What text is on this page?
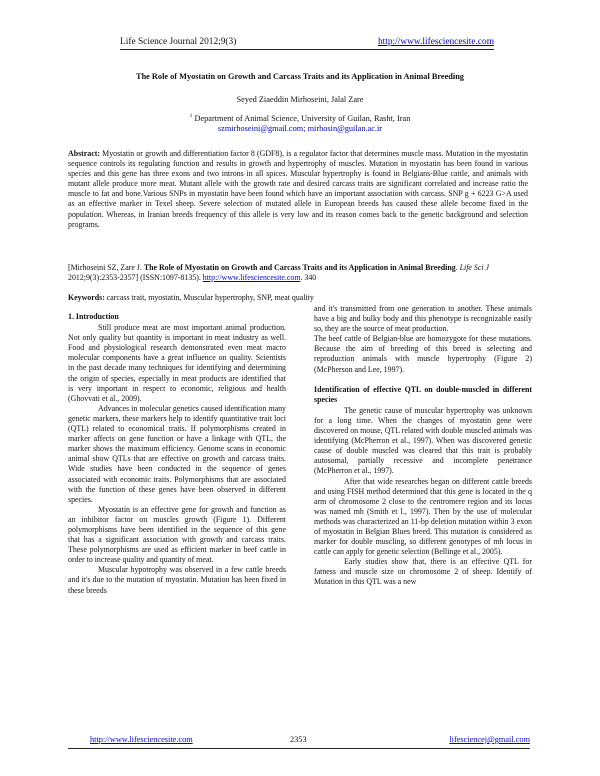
Life Science Journal 2012;9(3)	http://www.lifesciencesite.com
The Role of Myostatin on Growth and Carcass Traits and its Application in Animal Breeding
Seyed Ziaeddin Mirhoseini, Jalal Zare
$^1$ Department of Animal Science, University of Guilan, Rasht, Iran
szmirhoseini@gmail.com; mirhosin@guilan.ac.ir
Abstract: Myostatin or growth and differentiation factor 8 (GDF8), is a regulator factor that determines muscle mass. Mutation in the myostatin sequence controls its regulating function and results in growth and hypertrophy of muscles. Mutation in myostatin has been found in various species and this gene has three exons and two introns in all spices. Muscular hypertrophy is found in Belgians-Blue cattle, and animals with mutant allele produce more meat. Mutant allele with the growth rate and desired carcass traits are significant correlated and increase ratio the muscle to fat and bone.Various SNPs in myostatin have been found which have an important association with carcass. SNP g + 6223 G>A used as an effective marker in Texel sheep. Severe selection of mutated allele in European breeds has caused these allele become fixed in the population. Whereas, in Iranian breeds frequency of this allele is very low and its reason comes back to the genetic background and selection programs.
[Mirhoseini SZ, Zare J. The Role of Myostatin on Growth and Carcass Traits and its Application in Animal Breeding. Life Sci J 2012;9(3):2353-2357] (ISSN:1097-8135). http://www.lifesciencesite.com. 340
Keywords: carcass trait, myostatin, Muscular hypertrophy, SNP, meat quality
1. Introduction

Still produce meat are most important animal production. Not only quality but quantity is important in meat industry as well. Food and physiological research demonstrated even meat macro molecular components have a great influence on quality. Scientists in the past decade many techniques for identifying and determining the origin of species, especially in meat products are identified that is very important in respect to economic, religious and health (Ghovvati et al., 2009).

Advances in molecular genetics caused identification many genetic markers, these markers help to identify quantitative trait loci (QTL) related to economical traits. If polymorphisms created in marker affects on gene function or have a linkage with QTL, the marker shows the maximum efficiency. Genome scans in economic animal show QTLs that are effective on growth and carcass traits. Wide studies have been conducted in the sequence of genes associated with economic traits. Polymorphisms that are associated with the function of these genes have been observed in different species.

Myostatin is an effective gene for growth and function as an inhibitor factor on muscles growth (Figure 1). Different polymorphisms have been identified in the sequence of this gene that has a significant association with growth and carcass traits. These polymorphisms are used as efficient marker in beef cattle in order to increase quality and quantity of meat.

Muscular hypotrophy was observed in a few cattle breeds and it's due to the mutation of myostatin. Mutation has been fixed in these breeds

and it's transmitted from one generation to another. These animals have a big and bulky body and this phenotype is recognizable easily so, they are the source of meat production.

The beef cattle of Belgian-blue are homozygote for these mutations. Because the aim of breeding of this breed is selecting and reproduction animals with muscle hypertrophy (Figure 2) (McPherson and Lee, 1997).

Identification of effective QTL on double-muscled in different species

The genetic cause of muscular hypertrophy was unknown for a long time. When the changes of myostatin gene were discovered on mouse, QTL related with double muscled animals was identifying (McPherron et al., 1997). When was discovered genetic cause of double muscled was cleared that this trait is probably autosomal, partially recessive and incomplete penetrance (McPherron et al., 1997).

After that wide researches began on different cattle breeds and using FISH method determined that this gene is located in the q arm of chromosome 2 close to the centromere region and its locus was named mh (Smith et l., 1997). Then by the use of molecular methods was characterized an 11-bp deletion mutation within 3 exon of myostatin in Belgian Blues breed. This mutation is considered as marker for double muscling, so different genotypes of mh locus in cattle can apply for genetic selection (Bellinge et al., 2005).

Early studies show that, there is an effective QTL for fatness and muscle size on chromosome 2 of sheep. Identify of Mutation in this QTL was a new

http://www.lifesciencesite.com	2353	lifesciencej@gmail.com
